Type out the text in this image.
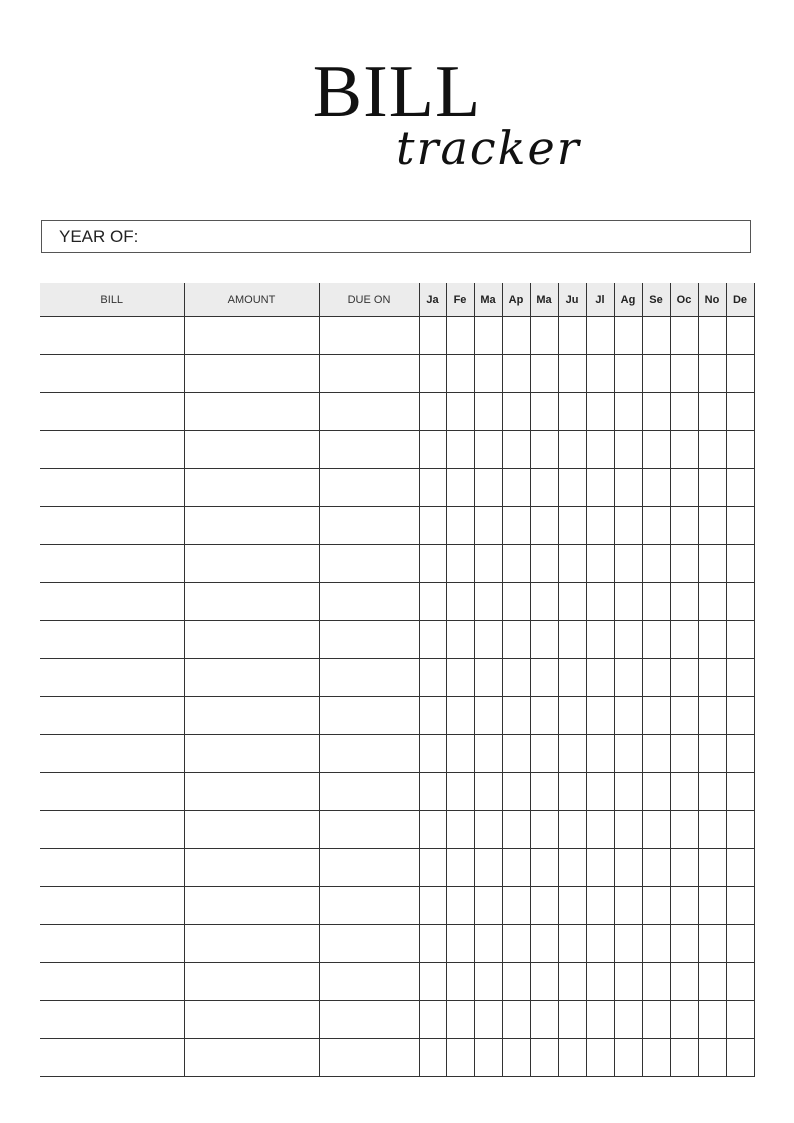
BILL
tracker
YEAR OF:
BILL	AMOUNT	DUE ON	Ja	Fe	Ma	Ap	Ma	Ju	Jl	Ag	Se	Oc	No	De
